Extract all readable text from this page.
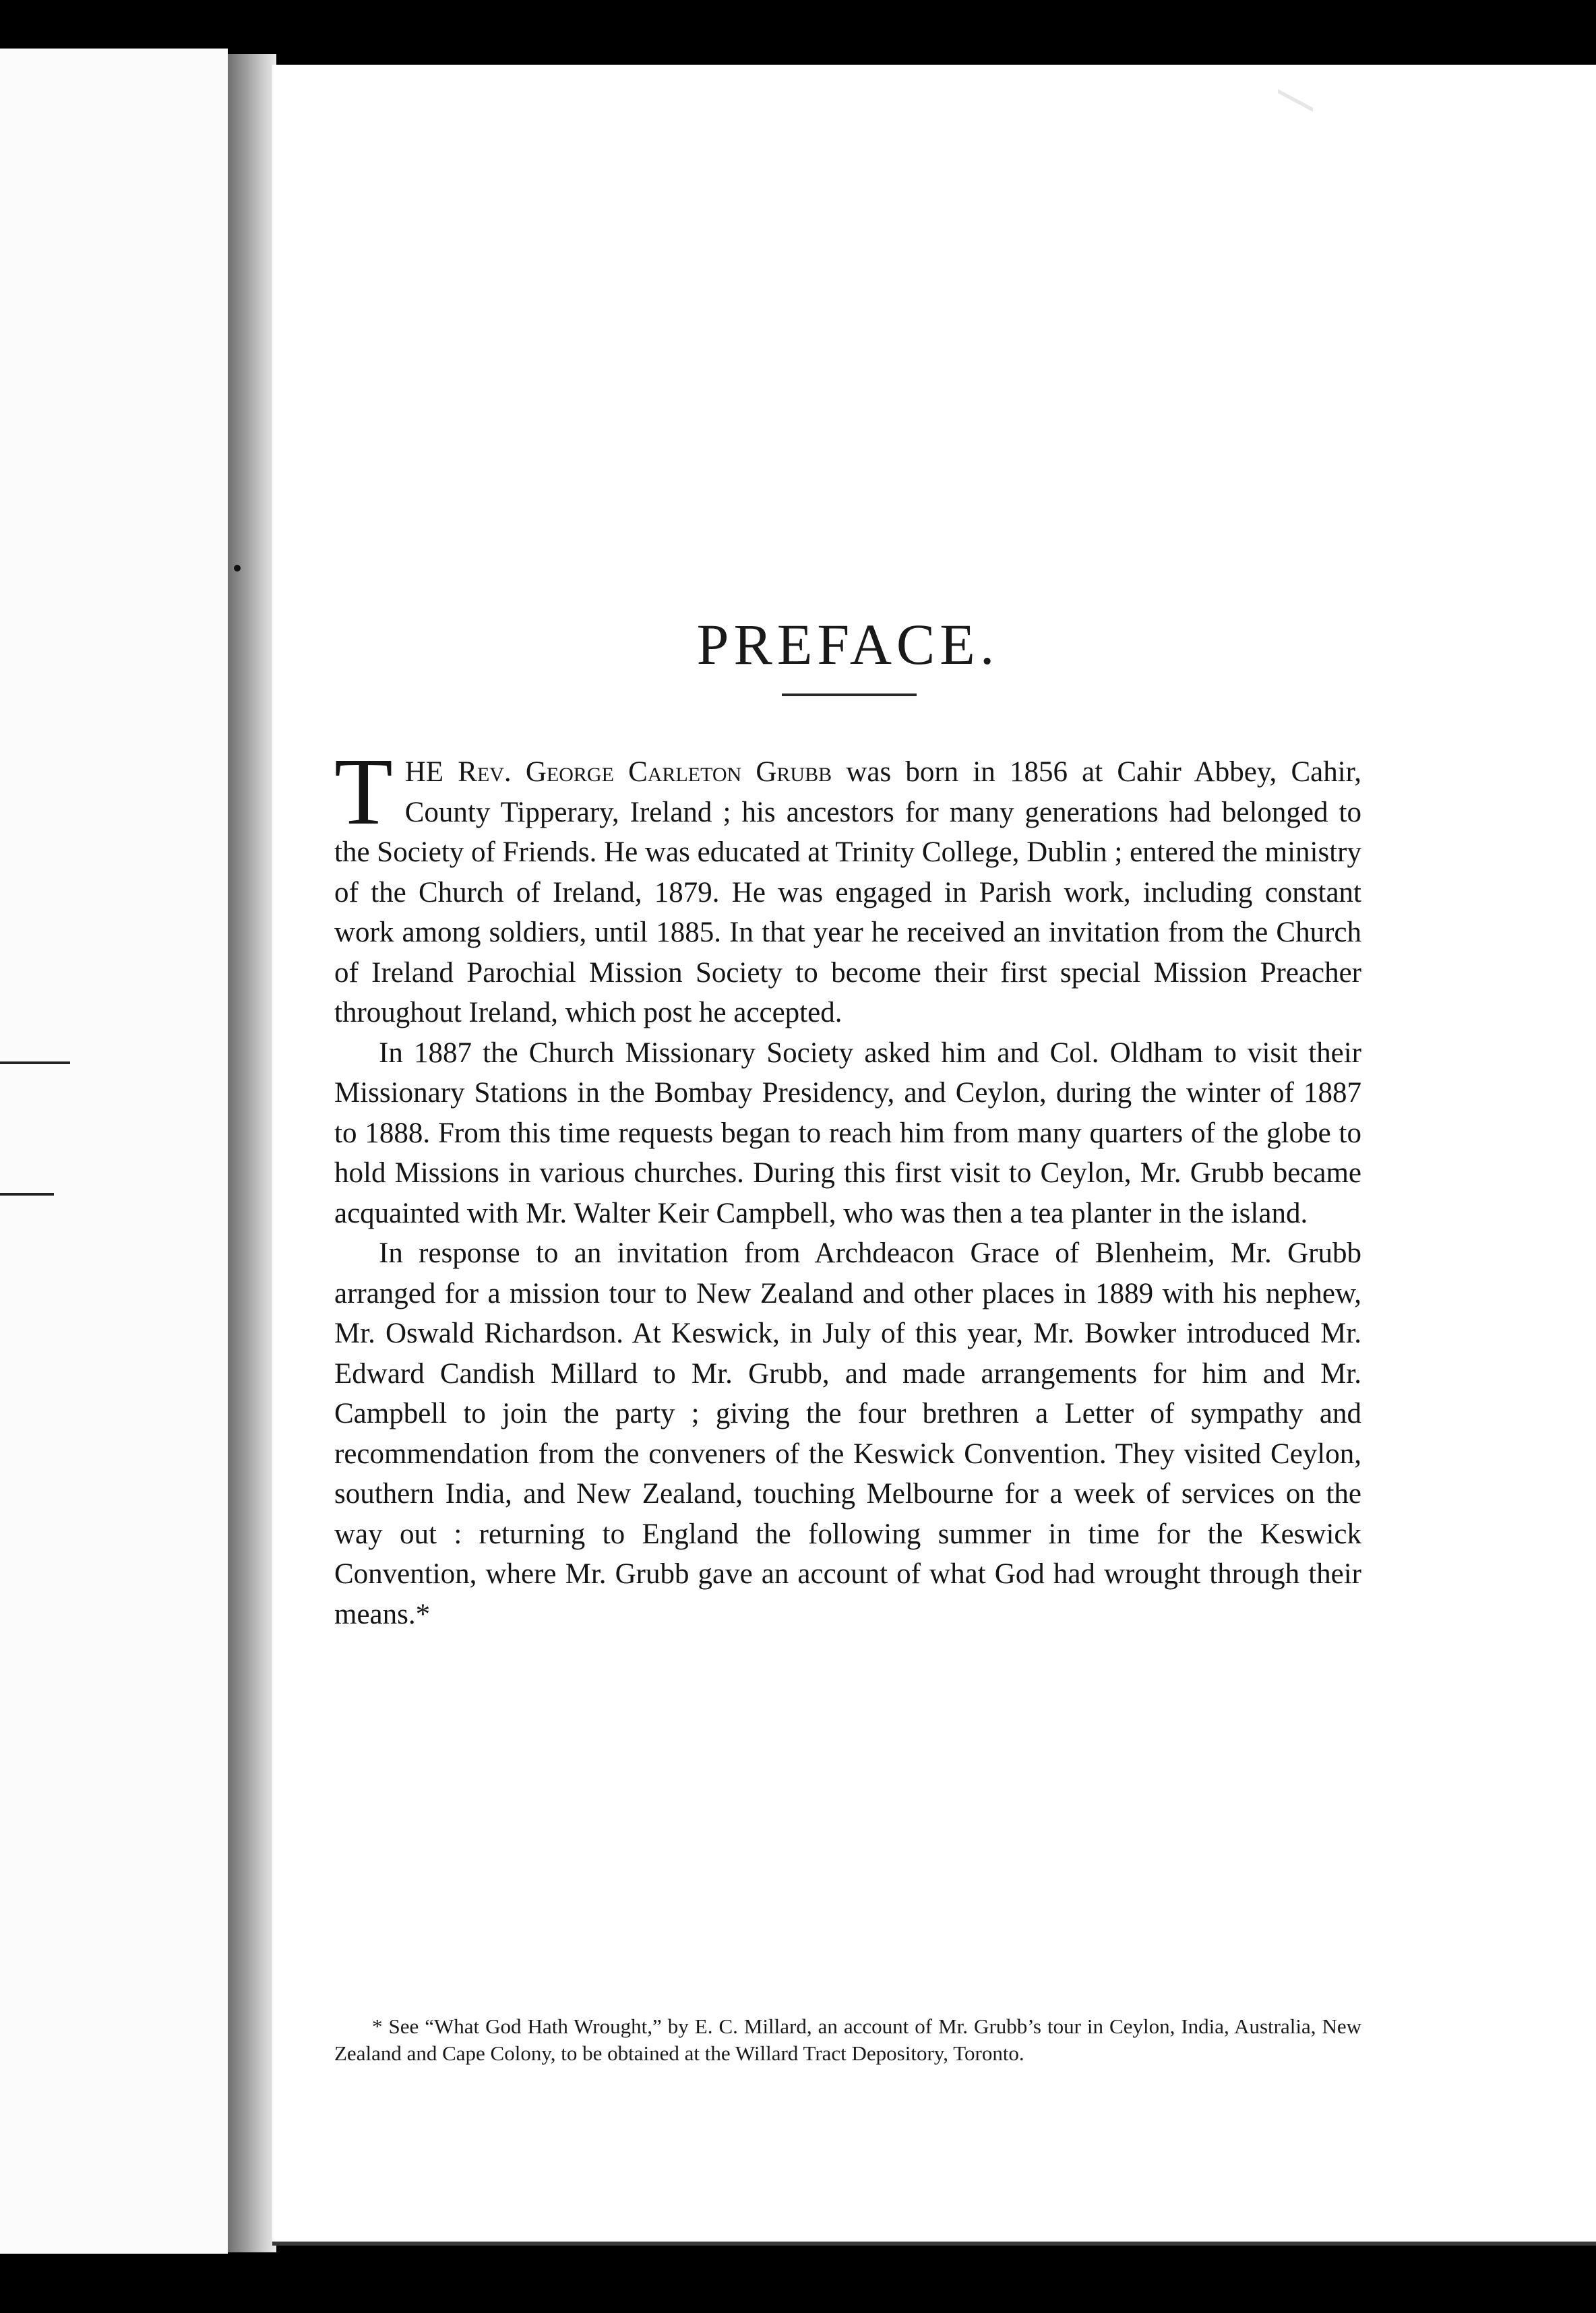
PREFACE.

THE Rev. George Carleton Grubb was born in 1856 at Cahir Abbey, Cahir, County Tipperary, Ireland ; his ancestors for many generations had belonged to the Society of Friends. He was educated at Trinity College, Dublin ; entered the ministry of the Church of Ireland, 1879. He was engaged in Parish work, including constant work among soldiers, until 1885. In that year he received an invitation from the Church of Ireland Parochial Mission Society to become their first special Mission Preacher throughout Ireland, which post he accepted.

In 1887 the Church Missionary Society asked him and Col. Oldham to visit their Missionary Stations in the Bombay Presidency, and Ceylon, during the winter of 1887 to 1888. From this time requests began to reach him from many quarters of the globe to hold Missions in various churches. During this first visit to Ceylon, Mr. Grubb became acquainted with Mr. Walter Keir Campbell, who was then a tea planter in the island.

In response to an invitation from Archdeacon Grace of Blenheim, Mr. Grubb arranged for a mission tour to New Zealand and other places in 1889 with his nephew, Mr. Oswald Richardson. At Keswick, in July of this year, Mr. Bowker introduced Mr. Edward Candish Millard to Mr. Grubb, and made arrangements for him and Mr. Campbell to join the party ; giving the four brethren a Letter of sympathy and recommendation from the conveners of the Keswick Convention. They visited Ceylon, southern India, and New Zealand, touching Melbourne for a week of services on the way out : returning to England the following summer in time for the Keswick Convention, where Mr. Grubb gave an account of what God had wrought through their means.*

* See “What God Hath Wrought,” by E. C. Millard, an account of Mr. Grubb’s tour in Ceylon, India, Australia, New Zealand and Cape Colony, to be obtained at the Willard Tract Depository, Toronto.
